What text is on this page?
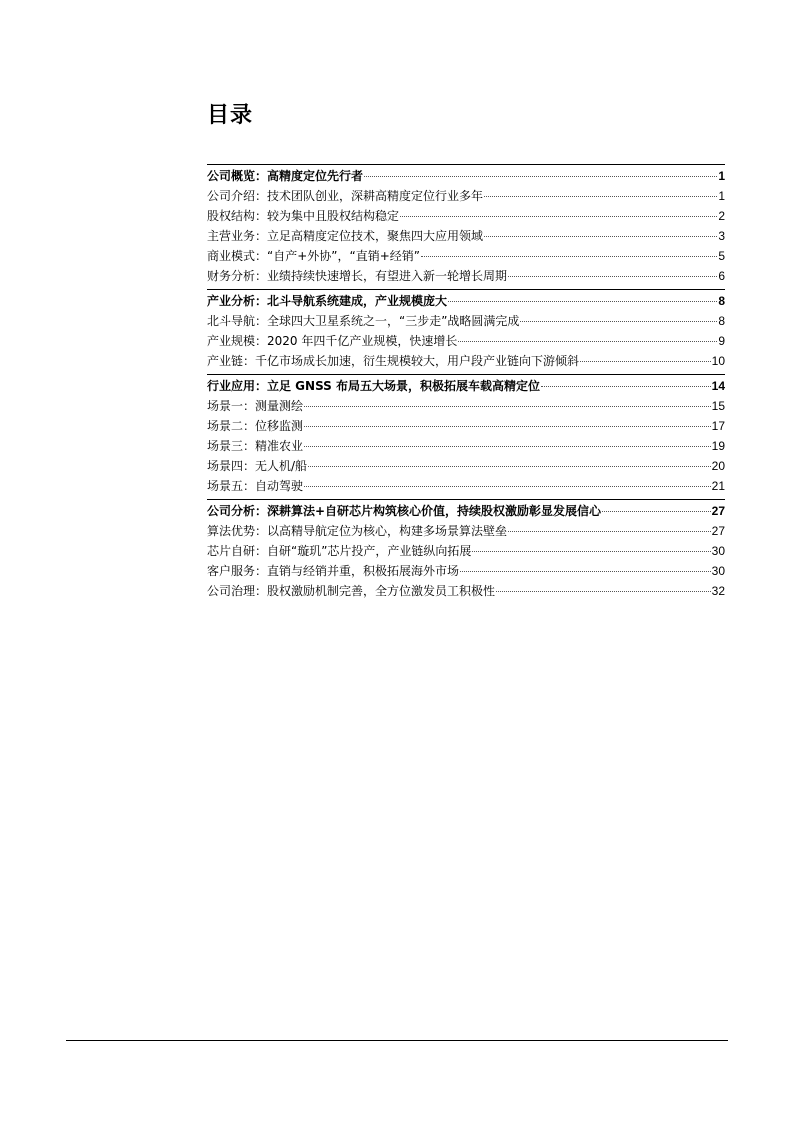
目录
公司概览：高精度定位先行者	1
公司介绍：技术团队创业，深耕高精度定位行业多年	1
股权结构：较为集中且股权结构稳定	2
主营业务：立足高精度定位技术，聚焦四大应用领域	3
商业模式：“自产+外协”，“直销+经销”	5
财务分析：业绩持续快速增长，有望进入新一轮增长周期	6
产业分析：北斗导航系统建成，产业规模庞大	8
北斗导航：全球四大卫星系统之一，“三步走”战略圆满完成	8
产业规模：2020 年四千亿产业规模，快速增长	9
产业链：千亿市场成长加速，衍生规模较大，用户段产业链向下游倾斜	10
行业应用：立足 GNSS 布局五大场景，积极拓展车载高精定位	14
场景一：测量测绘	15
场景二：位移监测	17
场景三：精准农业	19
场景四：无人机/船	20
场景五：自动驾驶	21
公司分析：深耕算法+自研芯片构筑核心价值，持续股权激励彰显发展信心	27
算法优势：以高精导航定位为核心，构建多场景算法壁垒	27
芯片自研：自研“璇玑”芯片投产，产业链纵向拓展	30
客户服务：直销与经销并重，积极拓展海外市场	30
公司治理：股权激励机制完善，全方位激发员工积极性	32
